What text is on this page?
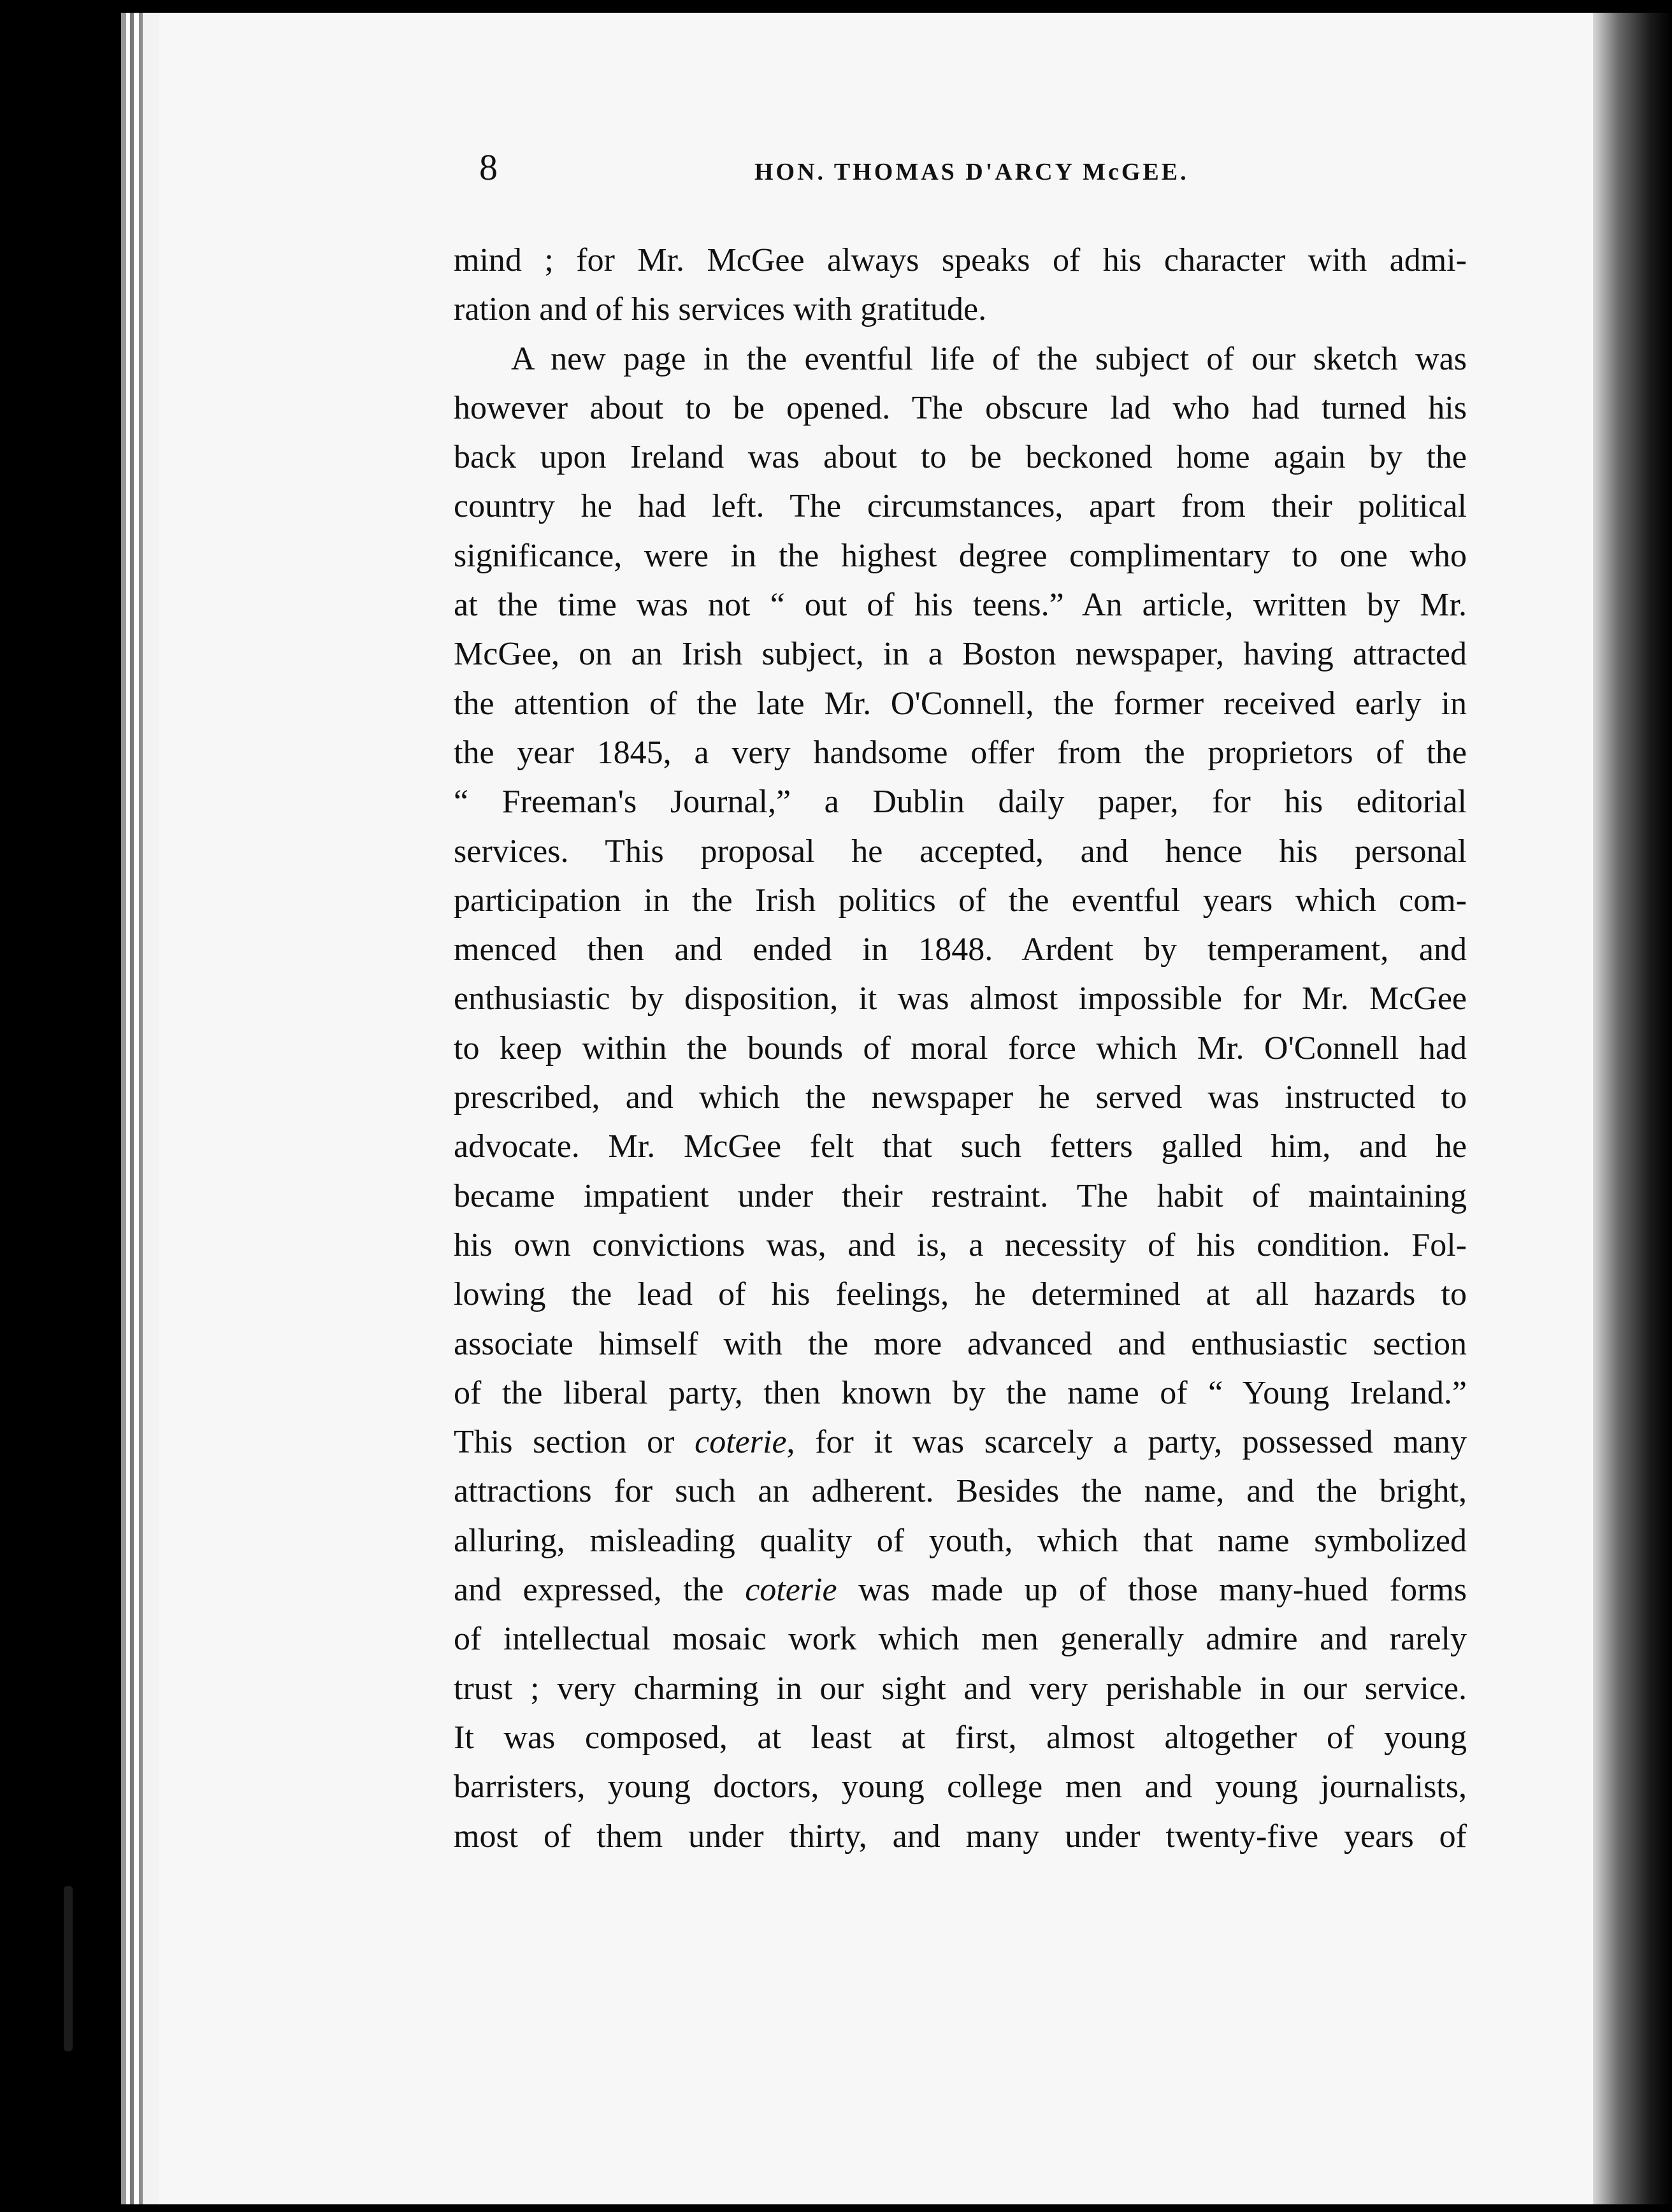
8	HON. THOMAS D'ARCY McGEE.
mind ; for Mr. McGee always speaks of his character with admi-
ration and of his services with gratitude.
A new page in the eventful life of the subject of our sketch was
however about to be opened. The obscure lad who had turned his
back upon Ireland was about to be beckoned home again by the
country he had left. The circumstances, apart from their political
significance, were in the highest degree complimentary to one who
at the time was not “ out of his teens.” An article, written by Mr.
McGee, on an Irish subject, in a Boston newspaper, having attracted
the attention of the late Mr. O'Connell, the former received early in
the year 1845, a very handsome offer from the proprietors of the
“ Freeman's Journal,” a Dublin daily paper, for his editorial
services. This proposal he accepted, and hence his personal
participation in the Irish politics of the eventful years which com-
menced then and ended in 1848. Ardent by temperament, and
enthusiastic by disposition, it was almost impossible for Mr. McGee
to keep within the bounds of moral force which Mr. O'Connell had
prescribed, and which the newspaper he served was instructed to
advocate. Mr. McGee felt that such fetters galled him, and he
became impatient under their restraint. The habit of maintaining
his own convictions was, and is, a necessity of his condition. Fol-
lowing the lead of his feelings, he determined at all hazards to
associate himself with the more advanced and enthusiastic section
of the liberal party, then known by the name of “ Young Ireland.”
This section or coterie, for it was scarcely a party, possessed many
attractions for such an adherent. Besides the name, and the bright,
alluring, misleading quality of youth, which that name symbolized
and expressed, the coterie was made up of those many-hued forms
of intellectual mosaic work which men generally admire and rarely
trust ; very charming in our sight and very perishable in our service.
It was composed, at least at first, almost altogether of young
barristers, young doctors, young college men and young journalists,
most of them under thirty, and many under twenty-five years of
